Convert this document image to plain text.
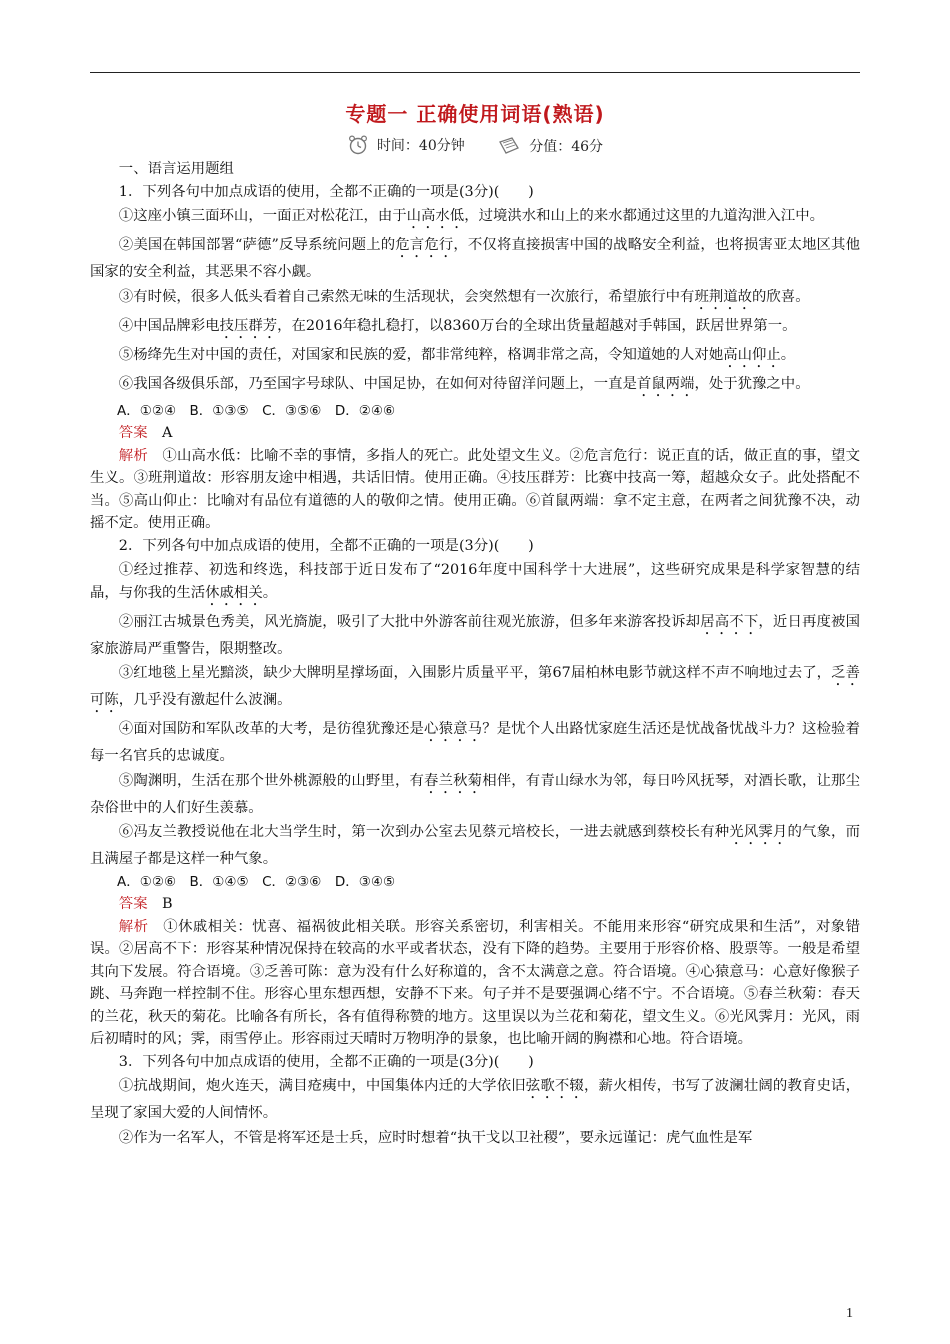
专题一 正确使用词语(熟语)
时间：40分钟
	分值：46分

一、语言运用题组

1．下列各句中加点成语的使用，全都不正确的一项是(3分)(　　)

①这座小镇三面环山，一面正对松花江，由于山高水低，过境洪水和山上的来水都通过这里的九道沟泄入江中。

②美国在韩国部署“萨德”反导系统问题上的危言危行，不仅将直接损害中国的战略安全利益，也将损害亚太地区其他国家的安全利益，其恶果不容小觑。

③有时候，很多人低头看着自己索然无味的生活现状，会突然想有一次旅行，希望旅行中有班荆道故的欣喜。

④中国品牌彩电技压群芳，在2016年稳扎稳打，以8360万台的全球出货量超越对手韩国，跃居世界第一。

⑤杨绛先生对中国的责任，对国家和民族的爱，都非常纯粹，格调非常之高，令知道她的人对她高山仰止。

⑥我国各级俱乐部，乃至国字号球队、中国足协，在如何对待留洋问题上，一直是首鼠两端，处于犹豫之中。

A．①②④　B．①③⑤　C．③⑤⑥　D．②④⑥

答案　 A

解析　 ①山高水低：比喻不幸的事情，多指人的死亡。此处望文生义。②危言危行：说正直的话，做正直的事，望文生义。③班荆道故：形容朋友途中相遇，共话旧情。使用正确。④技压群芳：比赛中技高一筹，超越众女子。此处搭配不当。⑤高山仰止：比喻对有品位有道德的人的敬仰之情。使用正确。⑥首鼠两端：拿不定主意，在两者之间犹豫不决，动摇不定。使用正确。

2．下列各句中加点成语的使用，全都不正确的一项是(3分)(　　)

①经过推荐、初选和终选，科技部于近日发布了“2016年度中国科学十大进展”，这些研究成果是科学家智慧的结晶，与你我的生活休戚相关。

②丽江古城景色秀美，风光旖旎，吸引了大批中外游客前往观光旅游，但多年来游客投诉却居高不下，近日再度被国家旅游局严重警告，限期整改。

③红地毯上星光黯淡，缺少大牌明星撑场面，入围影片质量平平，第67届柏林电影节就这样不声不响地过去了，乏善可陈，几乎没有激起什么波澜。

④面对国防和军队改革的大考，是彷徨犹豫还是心猿意马？是忧个人出路忧家庭生活还是忧战备忧战斗力？这检验着每一名官兵的忠诚度。

⑤陶渊明，生活在那个世外桃源般的山野里，有春兰秋菊相伴，有青山绿水为邻，每日吟风抚琴，对酒长歌，让那尘杂俗世中的人们好生羡慕。

⑥冯友兰教授说他在北大当学生时，第一次到办公室去见蔡元培校长，一进去就感到蔡校长有种光风霁月的气象，而且满屋子都是这样一种气象。

A．①②⑥　B．①④⑤　C．②③⑥　D．③④⑤

答案　 B

解析　 ①休戚相关：忧喜、福祸彼此相关联。形容关系密切，利害相关。不能用来形容“研究成果和生活”，对象错误。②居高不下：形容某种情况保持在较高的水平或者状态，没有下降的趋势。主要用于形容价格、股票等。一般是希望其向下发展。符合语境。③乏善可陈：意为没有什么好称道的，含不太满意之意。符合语境。④心猿意马：心意好像猴子跳、马奔跑一样控制不住。形容心里东想西想，安静不下来。句子并不是要强调心绪不宁。不合语境。⑤春兰秋菊：春天的兰花，秋天的菊花。比喻各有所长，各有值得称赞的地方。这里误以为兰花和菊花，望文生义。⑥光风霁月：光风，雨后初晴时的风；霁，雨雪停止。形容雨过天晴时万物明净的景象，也比喻开阔的胸襟和心地。符合语境。

3．下列各句中加点成语的使用，全都不正确的一项是(3分)(　　)

①抗战期间，炮火连天，满目疮痍中，中国集体内迁的大学依旧弦歌不辍，薪火相传，书写了波澜壮阔的教育史话，呈现了家国大爱的人间情怀。

②作为一名军人，不管是将军还是士兵，应时时想着“执干戈以卫社稷”，要永远谨记：虎气血性是军

1
